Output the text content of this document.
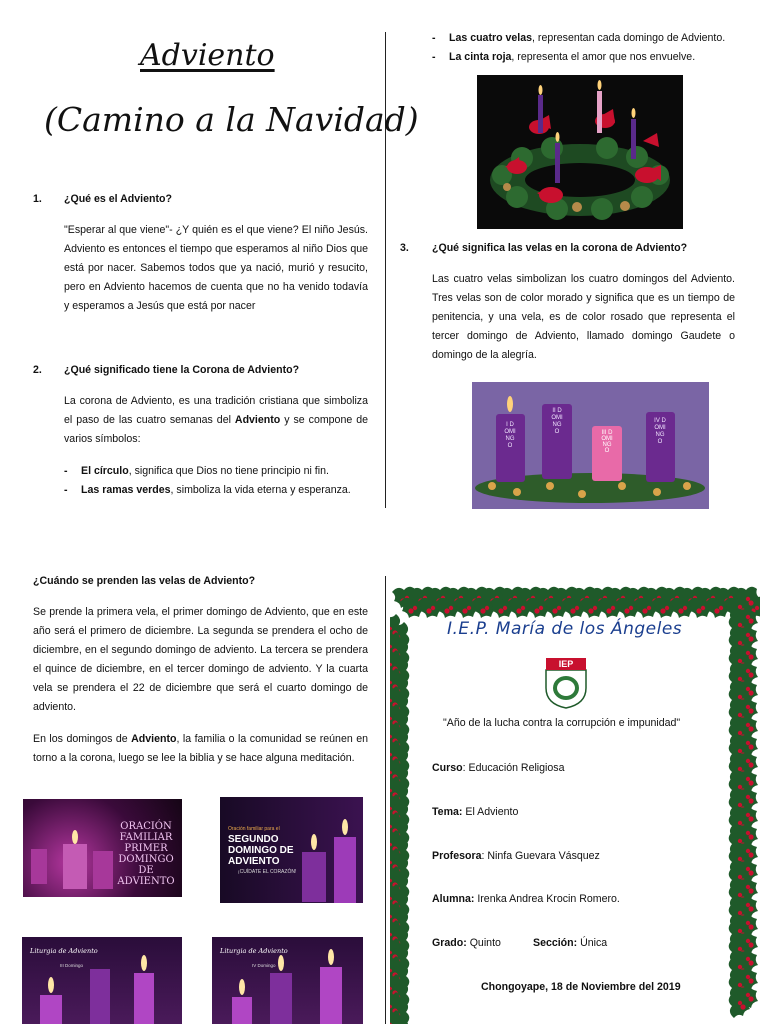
Adviento
(Camino a la Navidad)
1. ¿Qué es el Adviento?
"Esperar al que viene"- ¿Y quién es el que viene? El niño Jesús. Adviento es entonces el tiempo que esperamos al niño Dios que está por nacer. Sabemos todos que ya nació, murió y resucito, pero en Adviento hacemos de cuenta que no ha venido todavía y esperamos a Jesús que está por nacer
2. ¿Qué significado tiene la Corona de Adviento?
La corona de Adviento, es una tradición cristiana que simboliza el paso de las cuatro semanas del Adviento y se compone de varios símbolos:
- El círculo, significa que Dios no tiene principio ni fin.
- Las ramas verdes, simboliza la vida eterna y esperanza.
- Las cuatro velas, representan cada domingo de Adviento.
- La cinta roja, representa el amor que nos envuelve.
3. ¿Qué significa las velas en la corona de Adviento?
Las cuatro velas simbolizan los cuatro domingos del Adviento. Tres velas son de color morado y significa que es un tiempo de penitencia, y una vela, es de color rosado que representa el tercer domingo de Adviento, llamado domingo Gaudete o domingo de la alegría.
I DOMINGO
II DOMINGO	III DOMINGO
IV DOMINGO
¿Cuándo se prenden las velas de Adviento?
Se prende la primera vela, el primer domingo de Adviento, que en este año será el primero de diciembre. La segunda se prendera el ocho de diciembre, en el segundo domingo de adviento. La tercera se prendera el quince de diciembre, en el tercer domingo de adviento. Y la cuarta vela se prendera el 22 de diciembre que será el cuarto domingo de adviento.
En los domingos de Adviento, la familia o la comunidad se reúnen en torno a la corona, luego se lee la biblia y se hace alguna meditación.
ORACIÓN FAMILIAR PRIMER DOMINGO DE ADVIENTO
Oración familiar para el
SEGUNDO DOMINGO DE ADVIENTO
¡CUÍDATE EL CORAZÓN!
Liturgia de Adviento
III Domingo
Liturgia de Adviento
IV Domingo
I.E.P. María de los Ángeles
IEP
"Año de la lucha contra la corrupción e impunidad"
Curso: Educación Religiosa
Tema: El Adviento
Profesora: Ninfa Guevara Vásquez
Alumna: Irenka Andrea Krocin Romero.
Grado: Quinto	Sección: Única
Chongoyape, 18 de Noviembre del 2019
